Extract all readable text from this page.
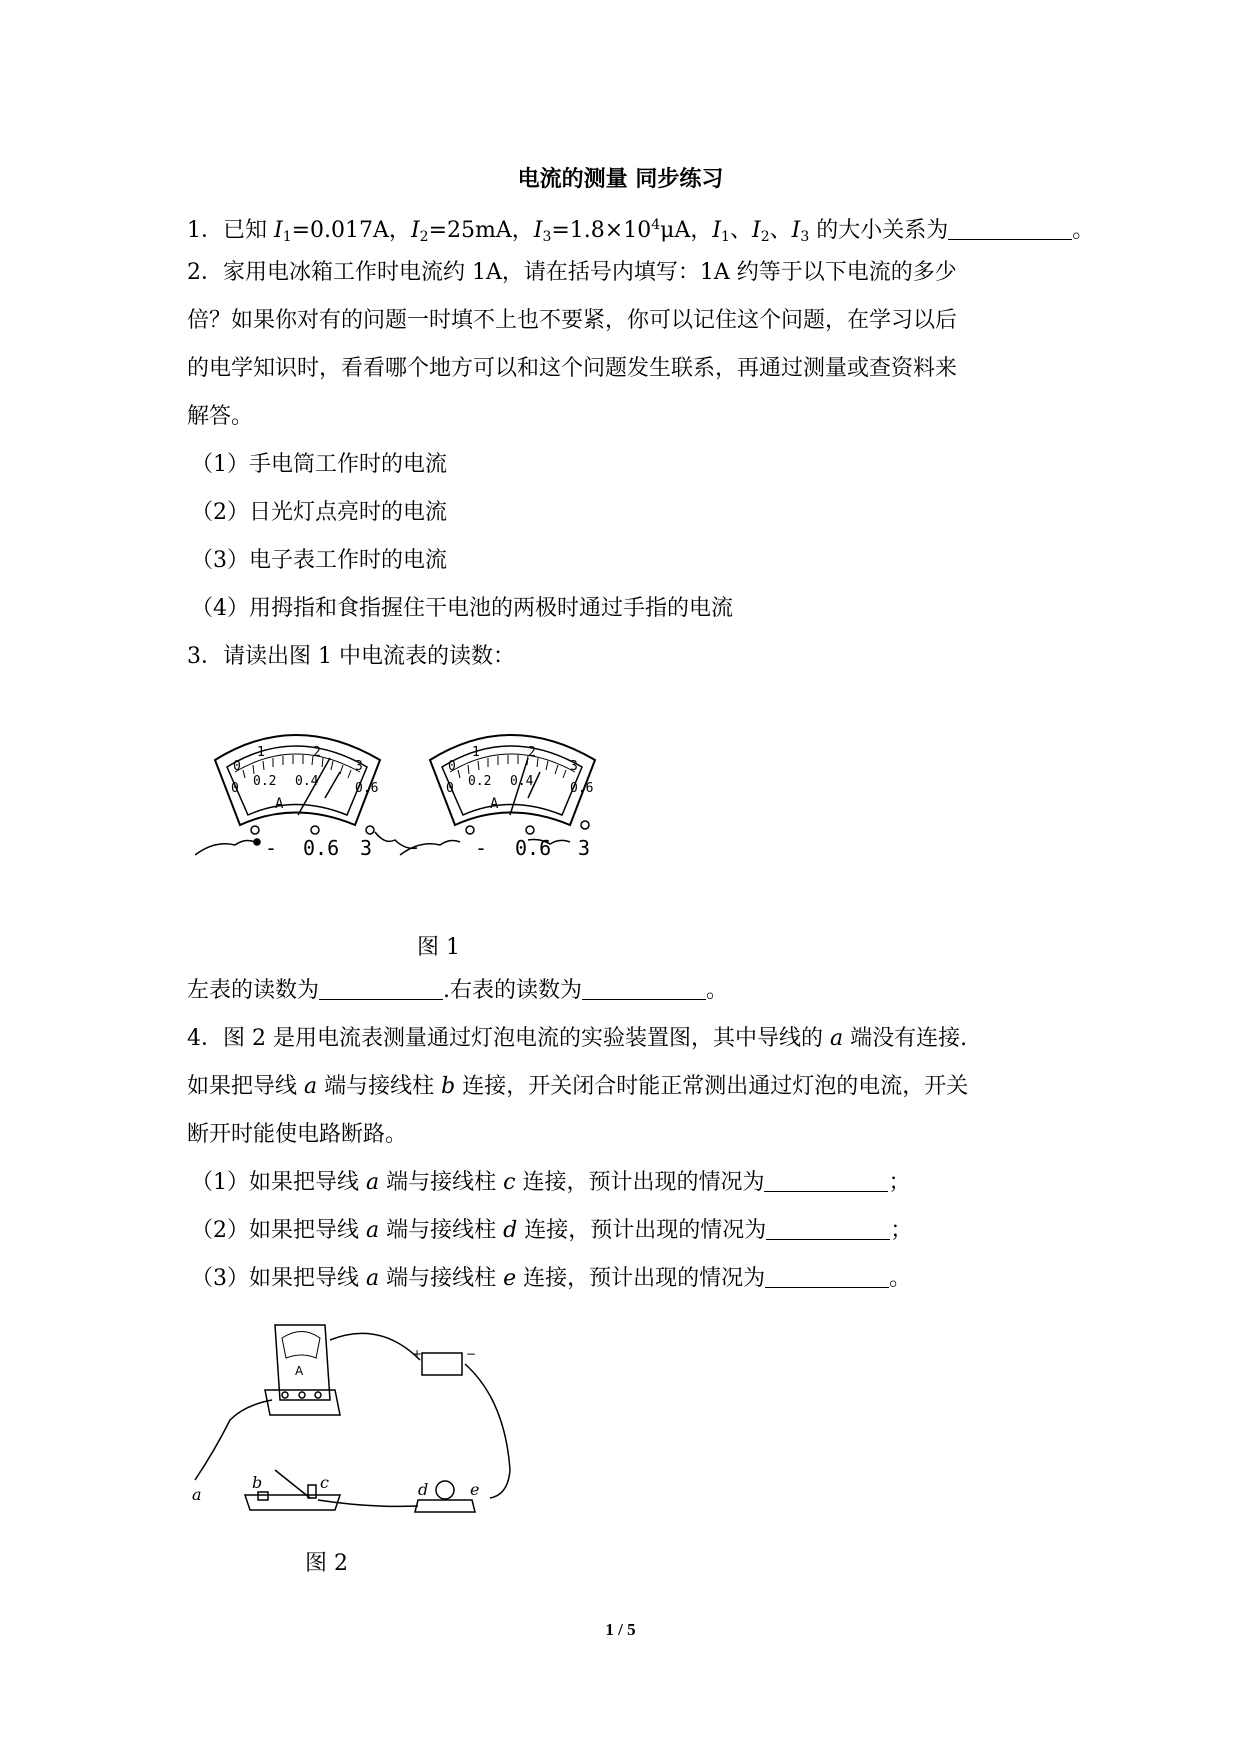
电流的测量 同步练习
1．已知 $I_1=0.017A$，$I_2=25mA$，$I_3=1.8\times 10^4\mu A$，$I_1$、$I_2$、$I_3$ 的大小关系为	。
2．家用电冰箱工作时电流约 1A，请在括号内填写：1A 约等于以下电流的多少
倍？如果你对有的问题一时填不上也不要紧，你可以记住这个问题，在学习以后
的电学知识时，看看哪个地方可以和这个问题发生联系，再通过测量或查资料来
解答。
（1）手电筒工作时的电流
（2）日光灯点亮时的电流
（3）电子表工作时的电流
（4）用拇指和食指握住干电池的两极时通过手指的电流
3．请读出图 1 中电流表的读数：
0
1	2
3
0 0.2 0.4	0.6
A
0
1	2
3
0 0.2 0.4	0.6
A
- 0.6 3	- 0.6 3
图 1
左表的读数为	.右表的读数为	。
4．图 2 是用电流表测量通过灯泡电流的实验装置图，其中导线的 a 端没有连接.
如果把导线 a 端与接线柱 b 连接，开关闭合时能正常测出通过灯泡的电流，开关
断开时能使电路断路。
（1）如果把导线 a 端与接线柱 c 连接，预计出现的情况为	；
（2）如果把导线 a 端与接线柱 d 连接，预计出现的情况为	；
（3）如果把导线 a 端与接线柱 e 连接，预计出现的情况为	。
a
b	c	d	e
A
+	−
图 2
1 / 5
